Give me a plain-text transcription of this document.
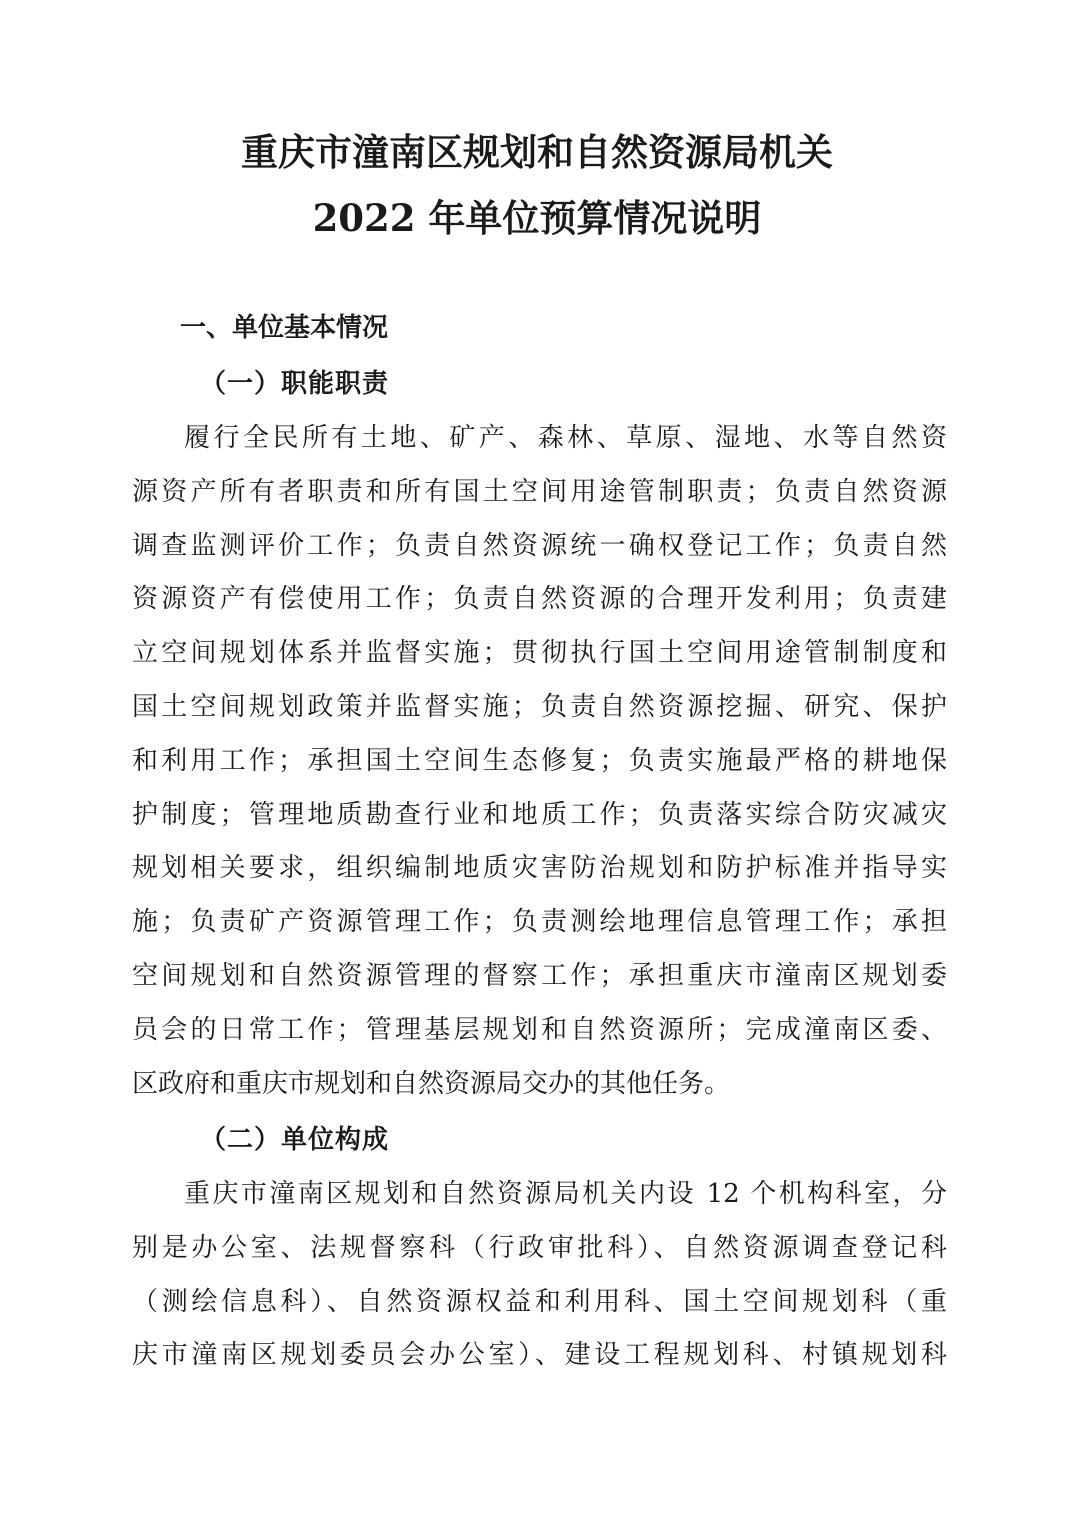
重庆市潼南区规划和自然资源局机关
2022 年单位预算情况说明
一、单位基本情况
（一）职能职责
履行全民所有土地、矿产、森林、草原、湿地、水等自然资
源资产所有者职责和所有国土空间用途管制职责；负责自然资源
调查监测评价工作；负责自然资源统一确权登记工作；负责自然
资源资产有偿使用工作；负责自然资源的合理开发利用；负责建
立空间规划体系并监督实施；贯彻执行国土空间用途管制制度和
国土空间规划政策并监督实施；负责自然资源挖掘、研究、保护
和利用工作；承担国土空间生态修复；负责实施最严格的耕地保
护制度；管理地质勘查行业和地质工作；负责落实综合防灾减灾
规划相关要求，组织编制地质灾害防治规划和防护标准并指导实
施；负责矿产资源管理工作；负责测绘地理信息管理工作；承担
空间规划和自然资源管理的督察工作；承担重庆市潼南区规划委
员会的日常工作；管理基层规划和自然资源所；完成潼南区委、
区政府和重庆市规划和自然资源局交办的其他任务。
（二）单位构成
重庆市潼南区规划和自然资源局机关内设 12 个机构科室，分
别是办公室、法规督察科（行政审批科）、自然资源调查登记科
（测绘信息科）、自然资源权益和利用科、国土空间规划科（重
庆市潼南区规划委员会办公室）、建设工程规划科、村镇规划科
